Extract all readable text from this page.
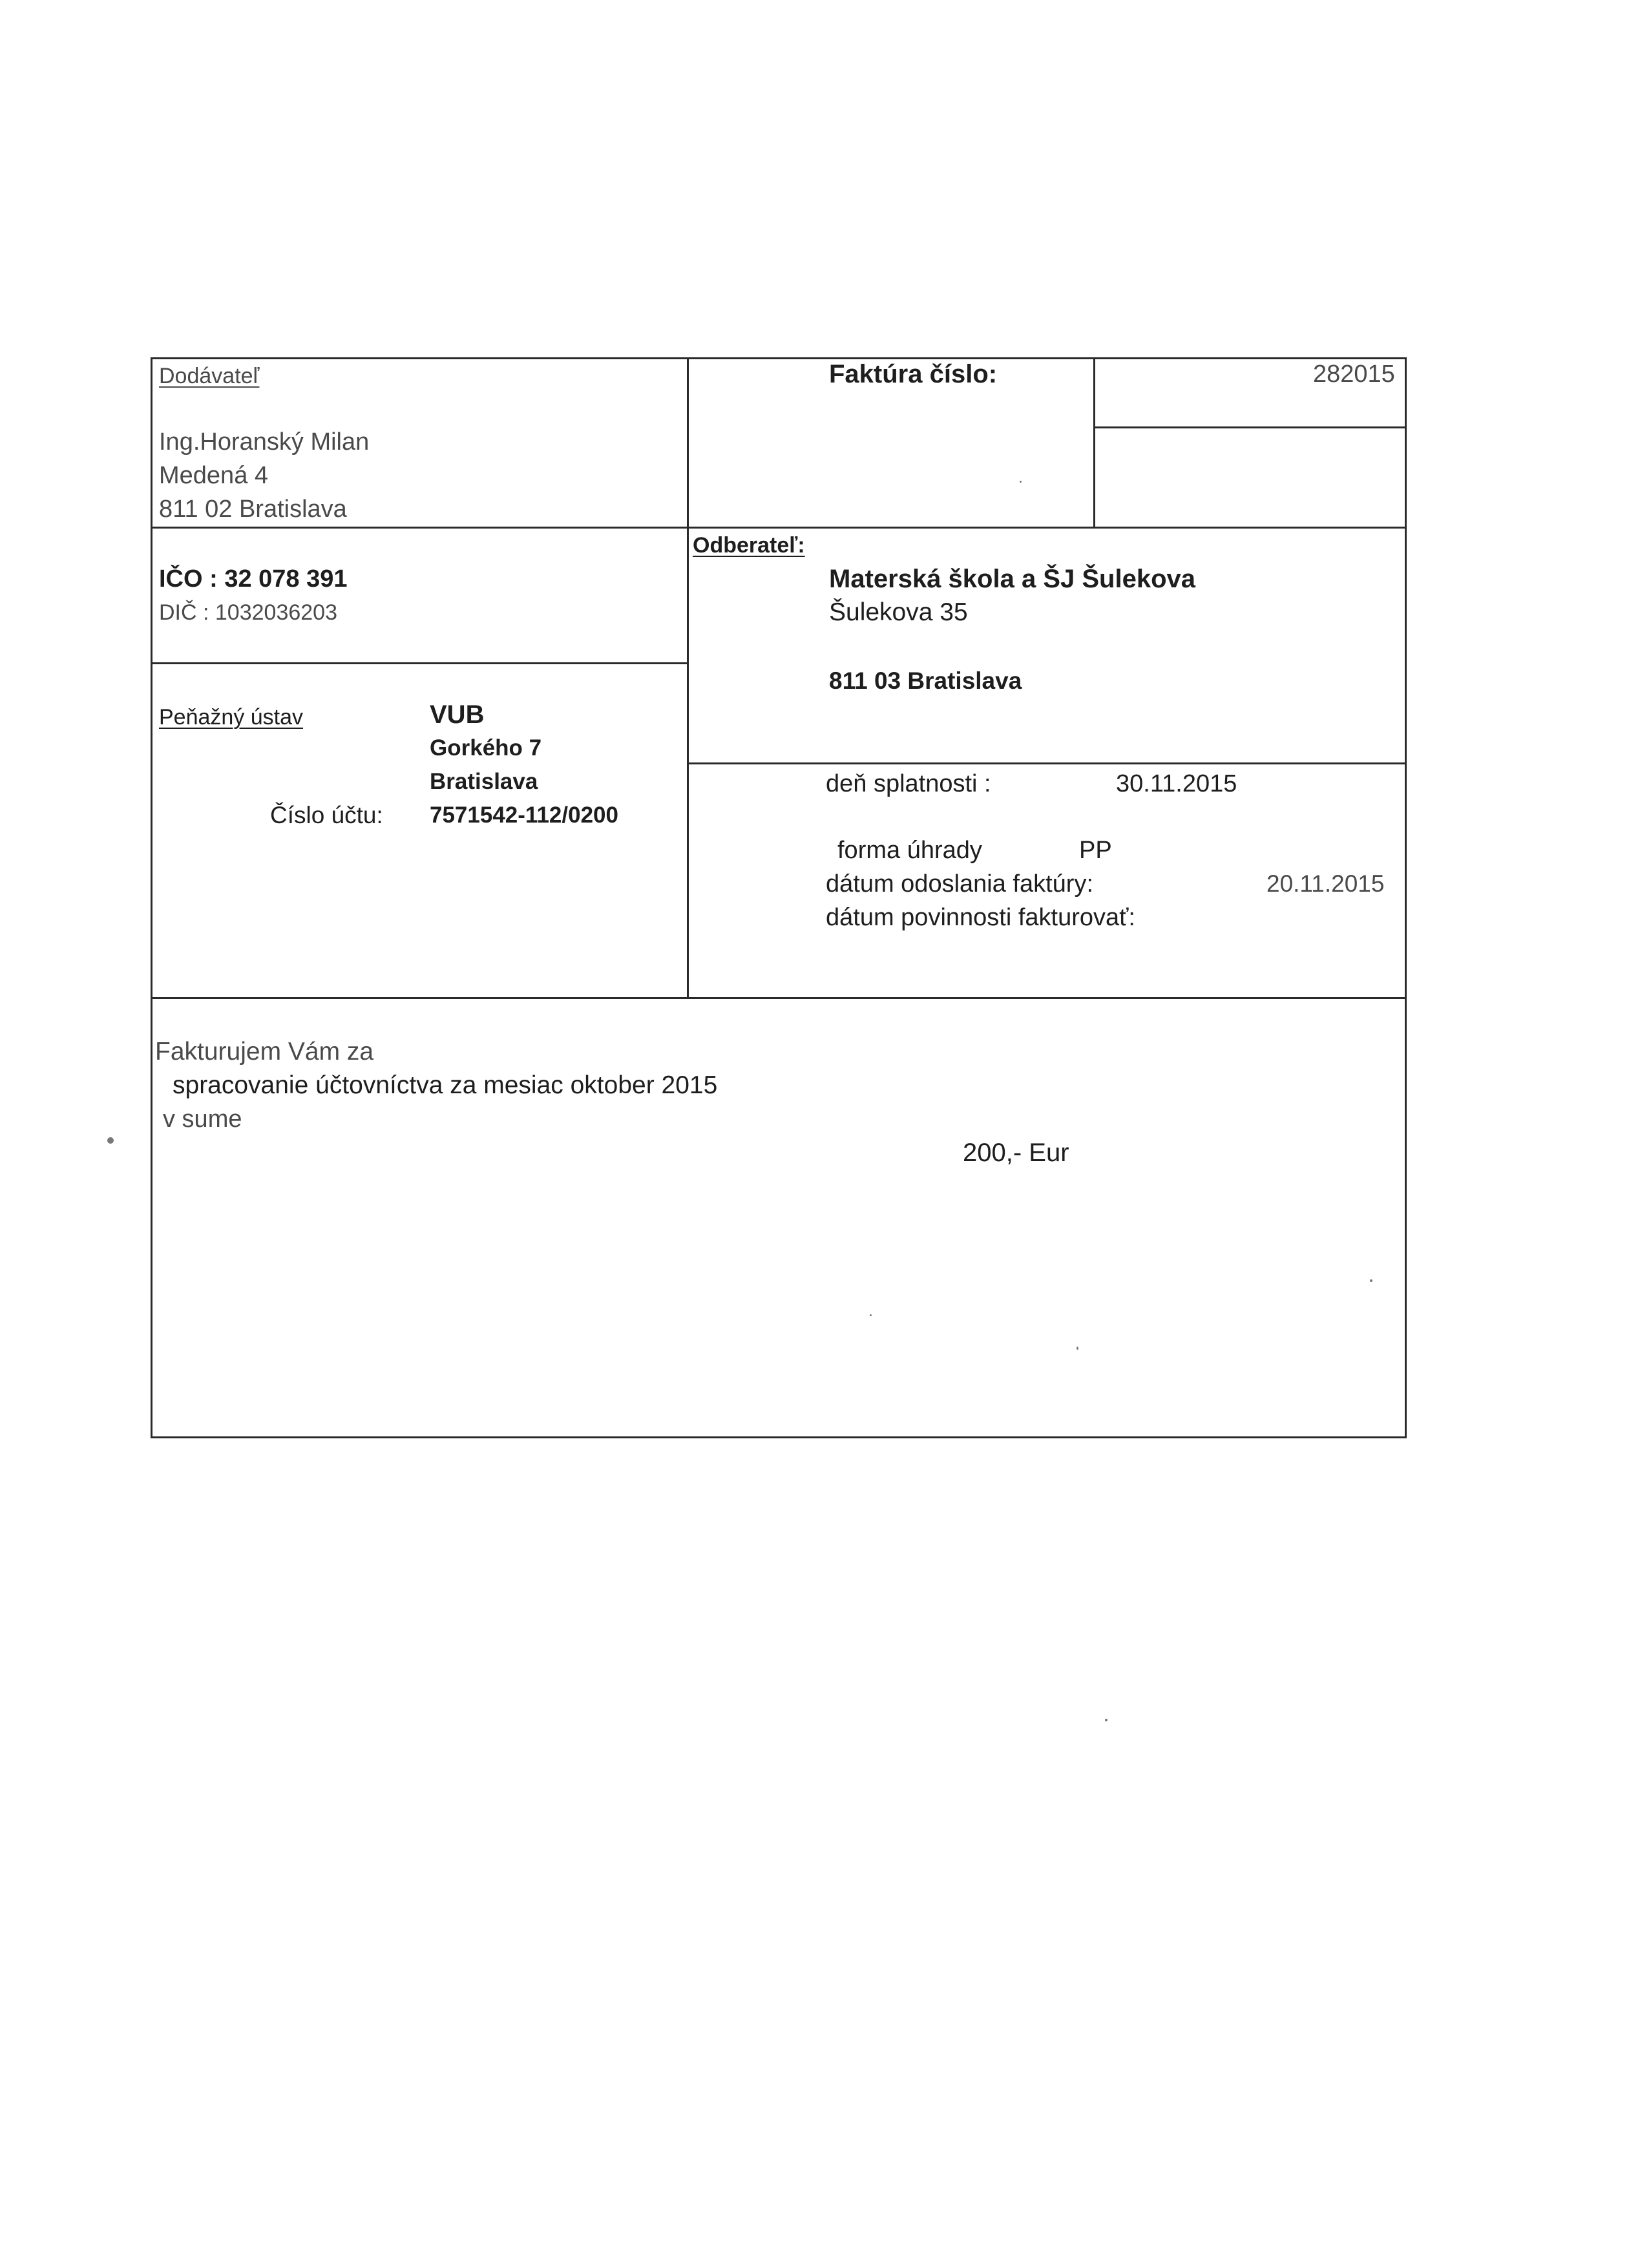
Dodávateľ
Ing.Horanský Milan
Medená 4
811 02 Bratislava
IČO : 32 078 391
DIČ : 1032036203
Peňažný ústav	VUB
Gorkého 7
Bratislava
Číslo účtu: 7571542-112/0200
Faktúra číslo:	282015
Odberateľ:
Materská škola a ŠJ Šulekova
Šulekova 35
811 03 Bratislava
deň splatnosti :	30.11.2015
forma úhrady	PP
dátum odoslania faktúry:	20.11.2015
dátum povinnosti fakturovať:
Fakturujem Vám za
spracovanie účtovníctva za mesiac oktober 2015
v sume
200,- Eur
